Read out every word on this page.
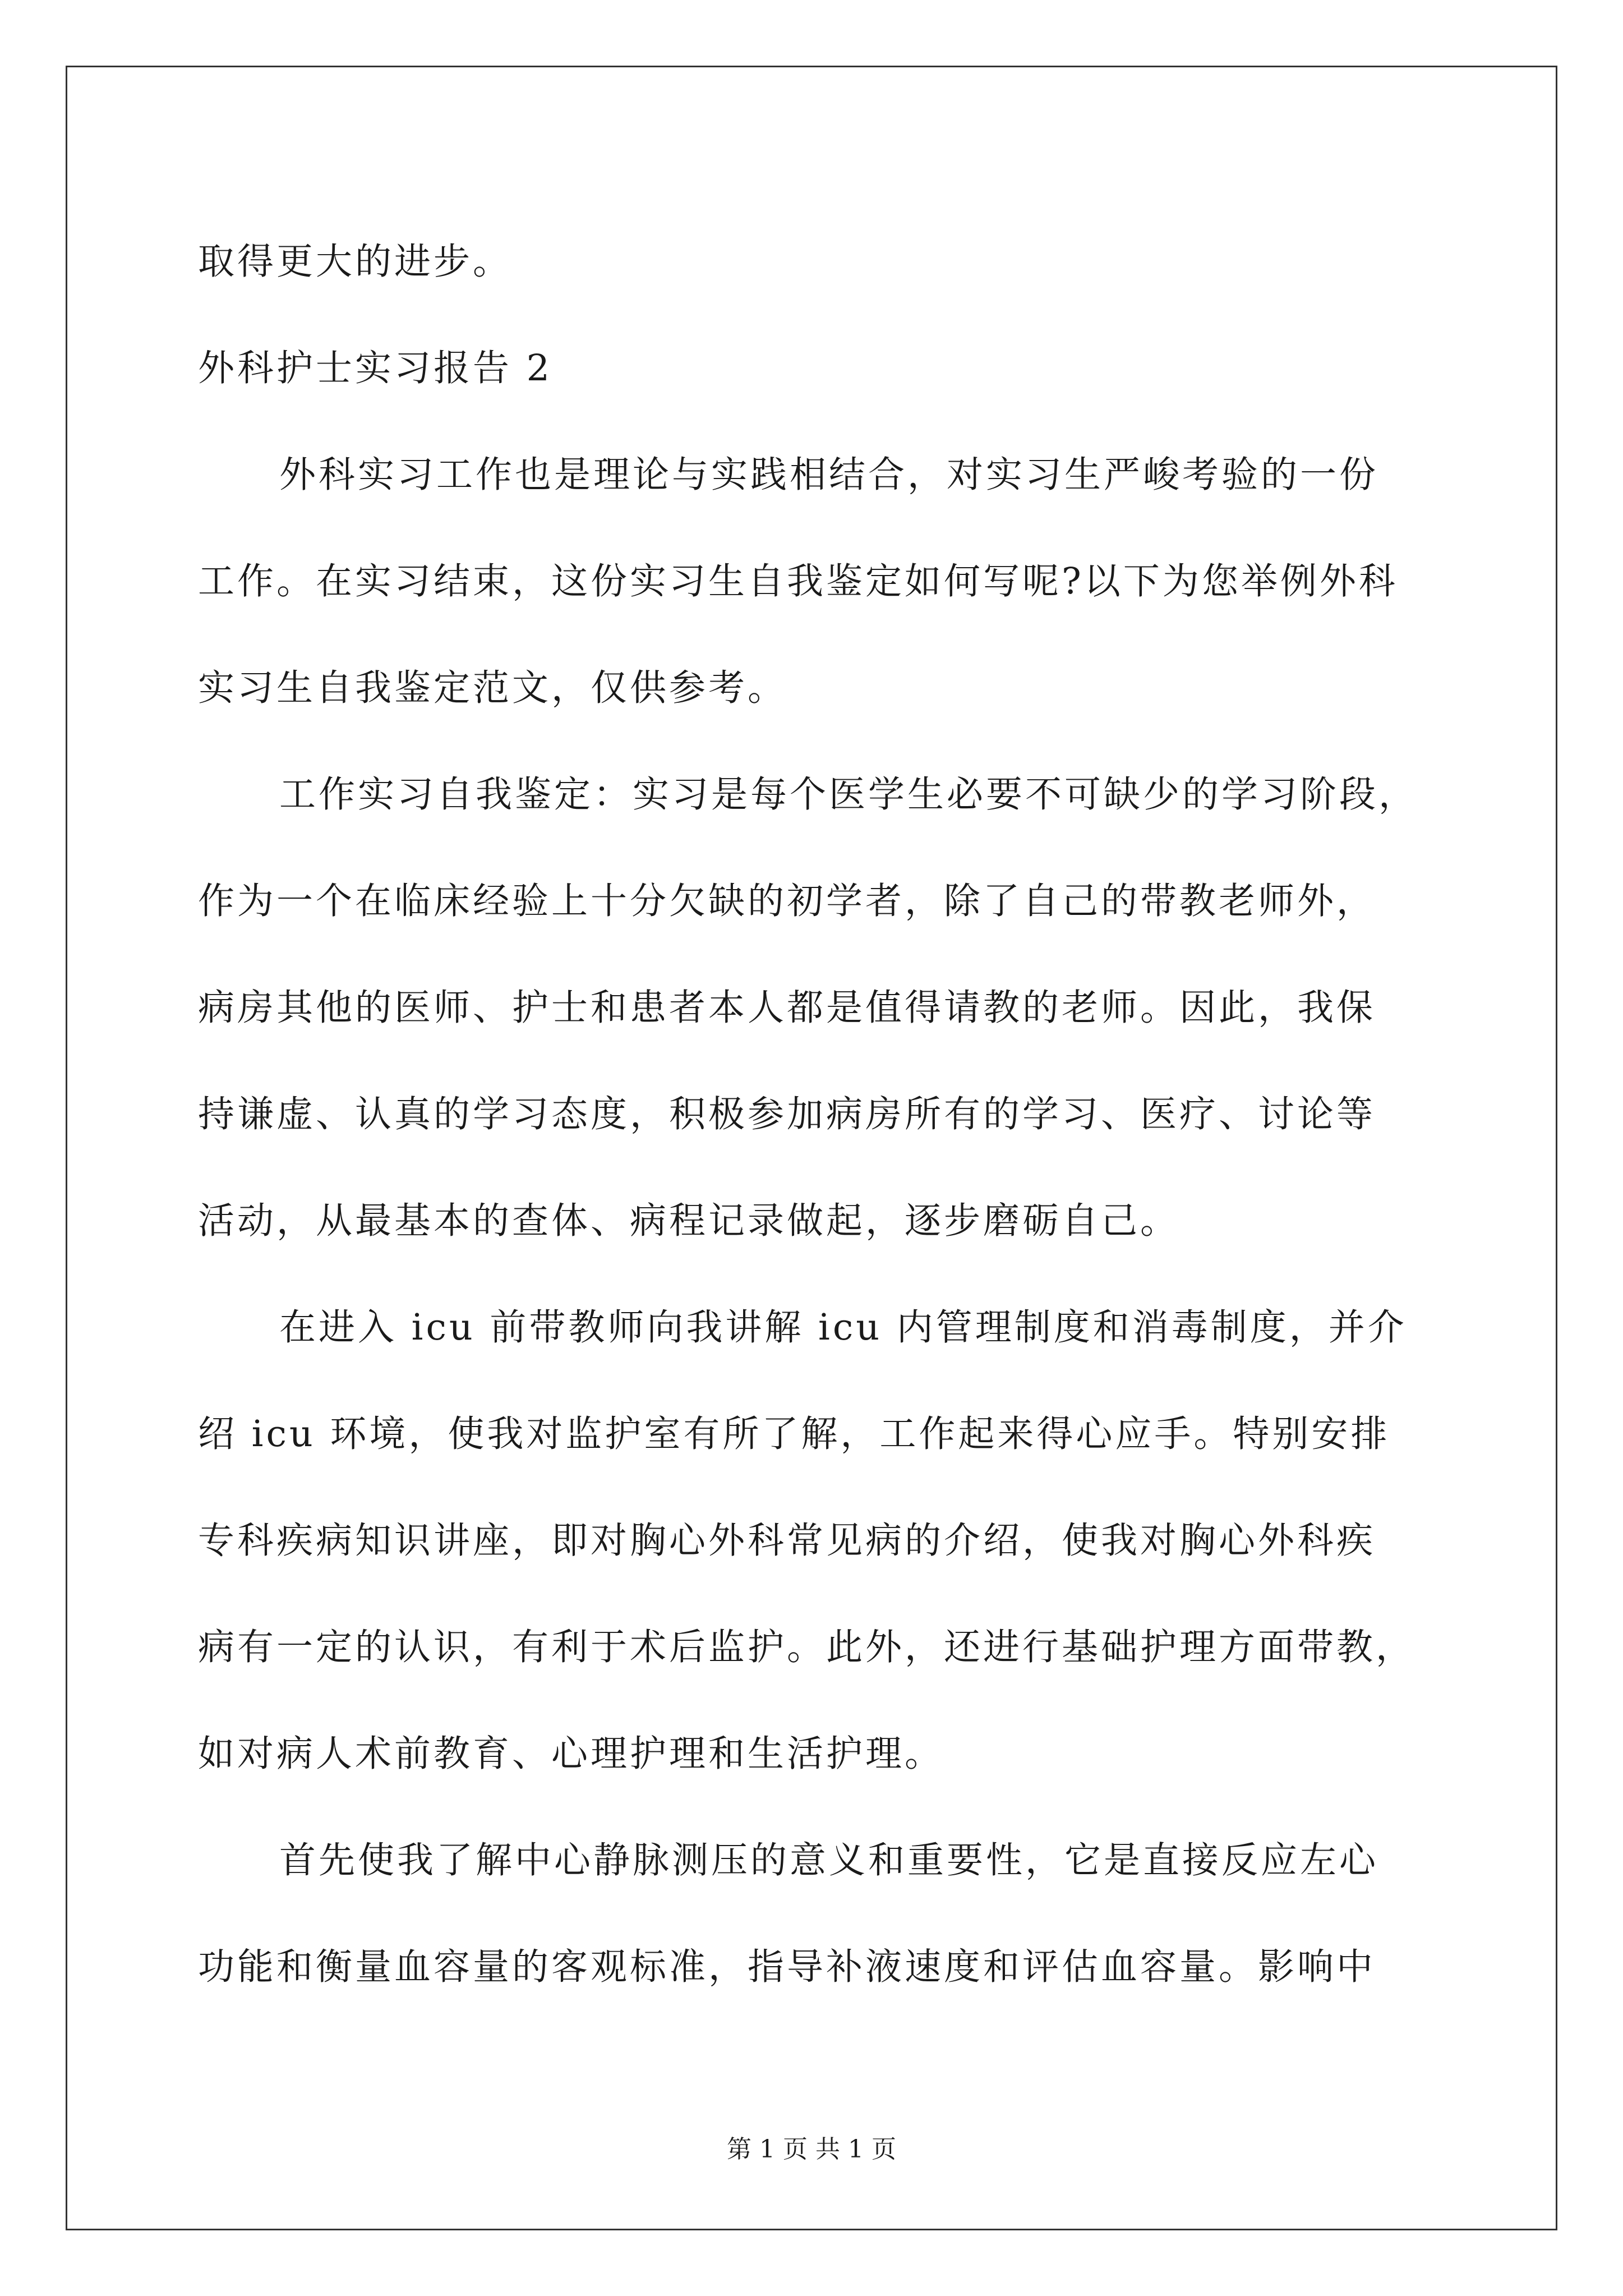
取得更大的进步。
外科护士实习报告 2
外科实习工作也是理论与实践相结合，对实习生严峻考验的一份
工作。在实习结束，这份实习生自我鉴定如何写呢?以下为您举例外科
实习生自我鉴定范文，仅供参考。
工作实习自我鉴定：实习是每个医学生必要不可缺少的学习阶段，
作为一个在临床经验上十分欠缺的初学者，除了自己的带教老师外，
病房其他的医师、护士和患者本人都是值得请教的老师。因此，我保
持谦虚、认真的学习态度，积极参加病房所有的学习、医疗、讨论等
活动，从最基本的查体、病程记录做起，逐步磨砺自己。
在进入 icu 前带教师向我讲解 icu 内管理制度和消毒制度，并介
绍 icu 环境，使我对监护室有所了解，工作起来得心应手。特别安排
专科疾病知识讲座，即对胸心外科常见病的介绍，使我对胸心外科疾
病有一定的认识，有利于术后监护。此外，还进行基础护理方面带教，
如对病人术前教育、心理护理和生活护理。
首先使我了解中心静脉测压的意义和重要性，它是直接反应左心
功能和衡量血容量的客观标准，指导补液速度和评估血容量。影响中
第 1 页 共 1 页
